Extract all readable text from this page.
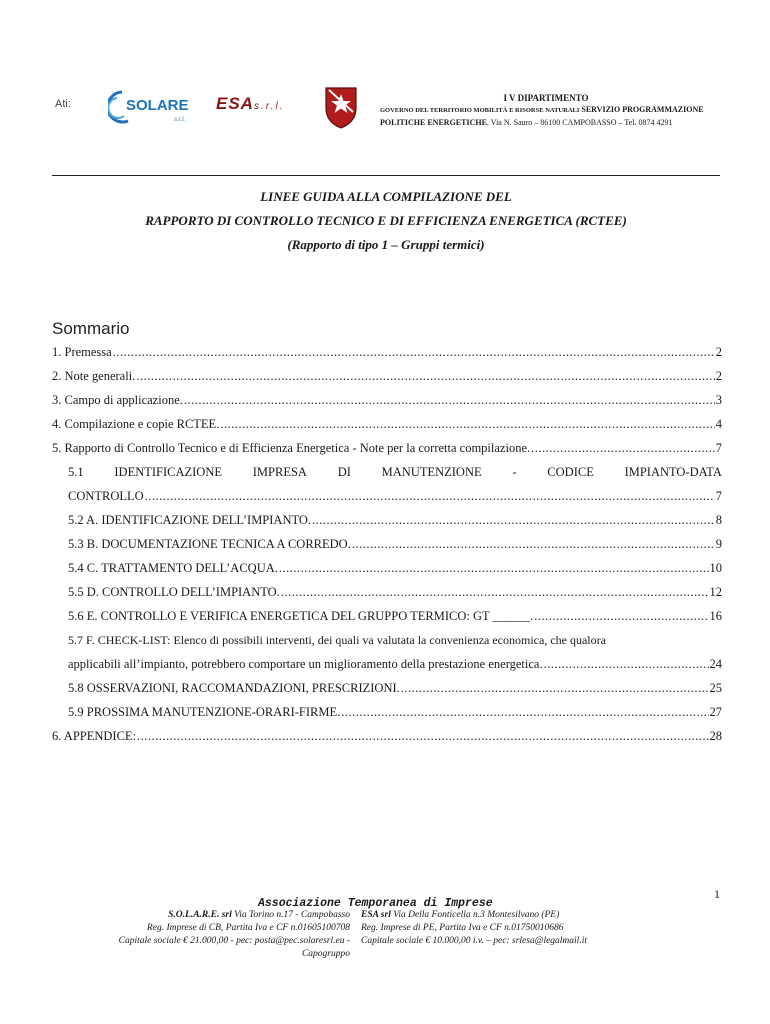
Ati:	SOLARE
s.r.l.
ESAs.r.l.
I V DIPARTIMENTO
GOVERNO DEL TERRITORIO MOBILITÀ E RISORSE NATURALI SERVIZIO PROGRAMMAZIONE
POLITICHE ENERGETICHE. Via N. Sauro – 86100 CAMPOBASSO – Tel. 0874 4291
LINEE GUIDA ALLA COMPILAZIONE DEL
RAPPORTO DI CONTROLLO TECNICO E DI EFFICIENZA ENERGETICA (RCTEE)
(Rapporto di tipo 1 – Gruppi termici)
Sommario
1. Premessa .....	2
2. Note generali. .....	2
3. Campo di applicazione. .....	3
4. Compilazione e copie RCTEE. .....	4
5. Rapporto di Controllo Tecnico e di Efficienza Energetica - Note per la corretta compilazione. .....	7
5.1 IDENTIFICAZIONE IMPRESA DI MANUTENZIONE - CODICE IMPIANTO-DATA
CONTROLLO .....	7
5.2 A. IDENTIFICAZIONE DELL’IMPIANTO. .....	8
5.3 B. DOCUMENTAZIONE TECNICA A CORREDO. .....	9
5.4 C. TRATTAMENTO DELL’ACQUA. .....	10
5.5 D. CONTROLLO DELL’IMPIANTO. .....	12
5.6 E. CONTROLLO E VERIFICA ENERGETICA DEL GRUPPO TERMICO: GT ______. .....	16
5.7 F. CHECK-LIST: Elenco di possibili interventi, dei quali va valutata la convenienza economica, che qualora
applicabili all’impianto, potrebbero comportare un miglioramento della prestazione energetica. .....	24
5.8 OSSERVAZIONI, RACCOMANDAZIONI, PRESCRIZIONI. .....	25
5.9 PROSSIMA MANUTENZIONE-ORARI-FIRME. .....	27
6. APPENDICE: .....	28
1
Associazione Temporanea di Imprese
S.O.L.A.R.E. srl Via Torino n.17 - Campobasso
Reg. Imprese di CB, Partita Iva e CF n.01605100708
Capitale sociale € 21.000,00 - pec: posta@pec.solaresrl.eu - Capogruppo
ESA srl Via Della Fonticella n.3 Montesilvano (PE)
Reg. Imprese di PE, Partita Iva e CF n.01750010686
Capitale sociale € 10.000,00 i.v. – pec: srlesa@legalmail.it
